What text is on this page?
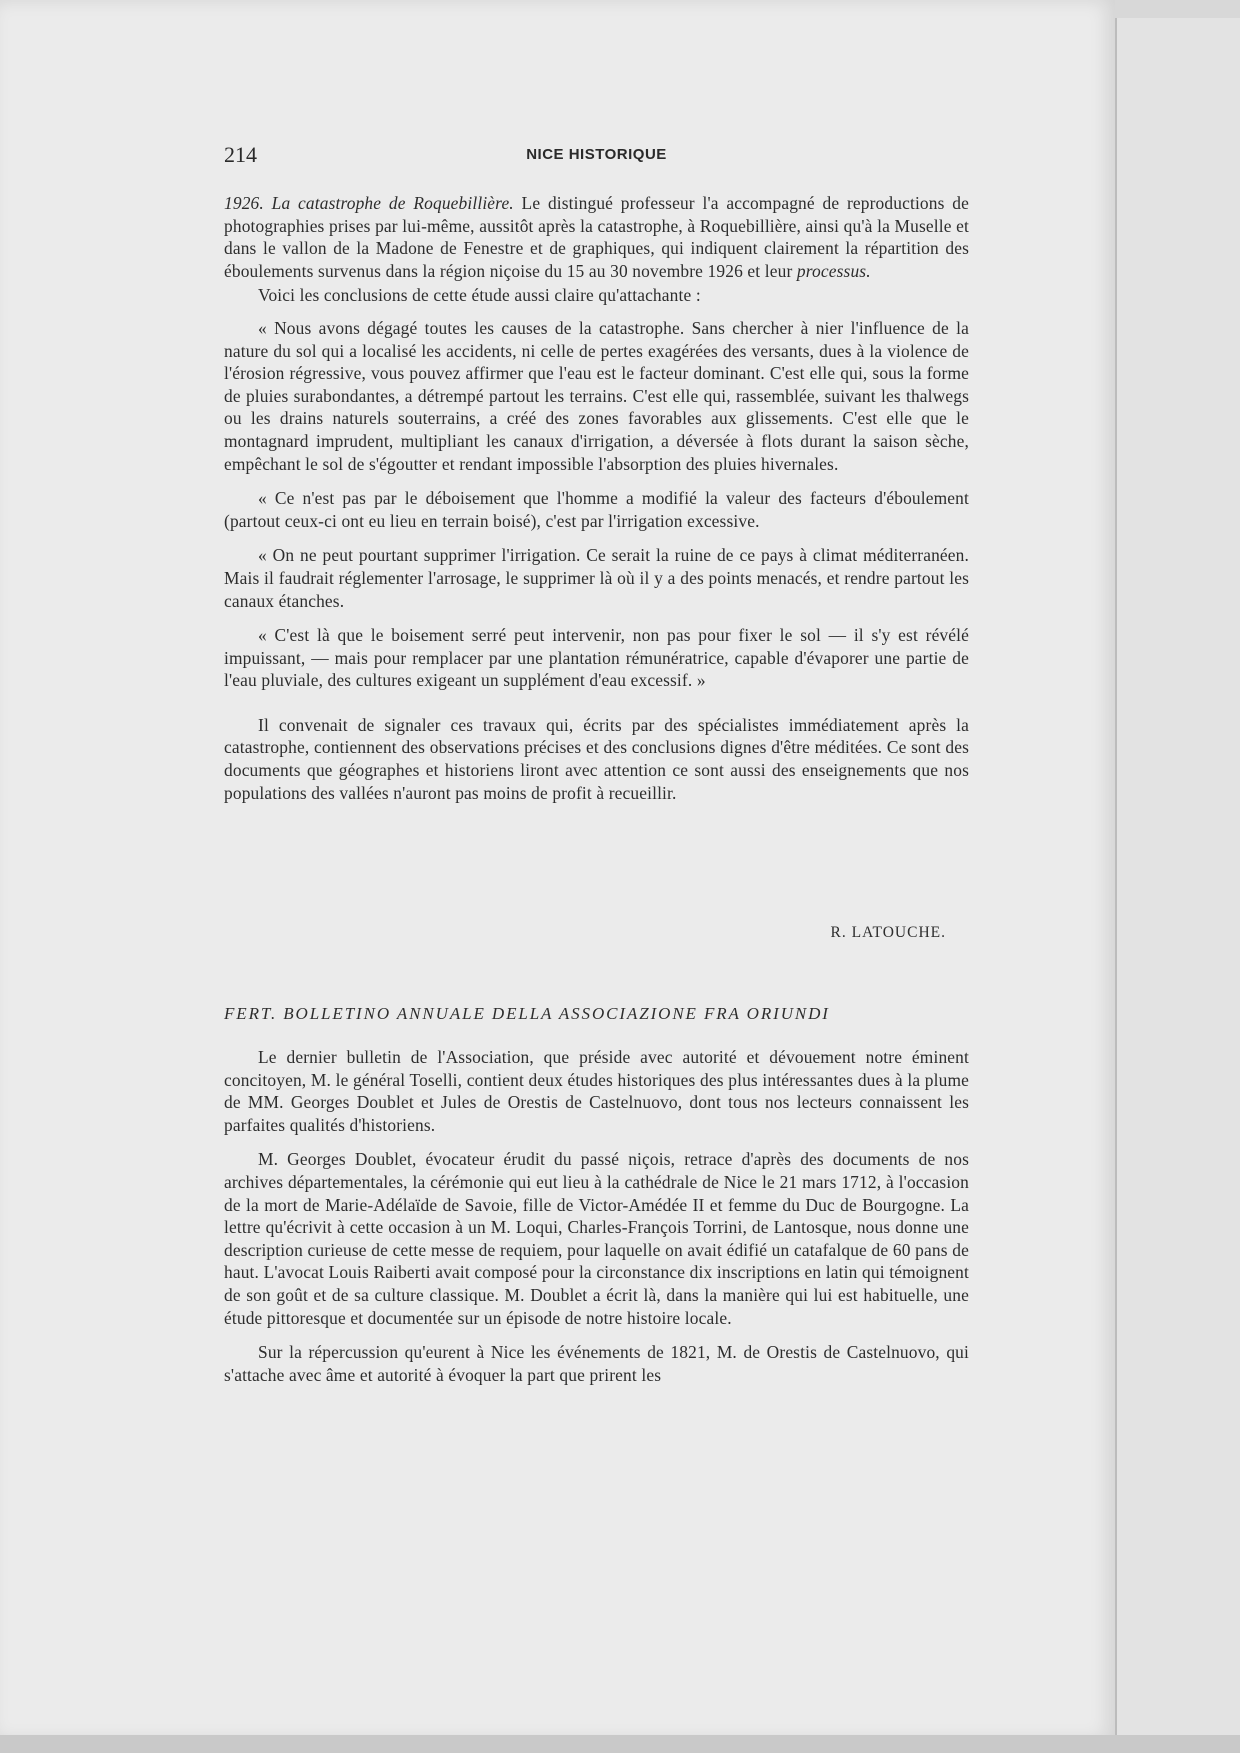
214	NICE HISTORIQUE

1926. La catastrophe de Roquebillière. Le distingué professeur l'a accompagné de reproductions de photographies prises par lui-même, aussitôt après la catastrophe, à Roquebillière, ainsi qu'à la Muselle et dans le vallon de la Madone de Fenestre et de graphiques, qui indiquent clairement la répartition des éboulements survenus dans la région niçoise du 15 au 30 novembre 1926 et leur processus.

Voici les conclusions de cette étude aussi claire qu'attachante :

« Nous avons dégagé toutes les causes de la catastrophe. Sans chercher à nier l'influence de la nature du sol qui a localisé les accidents, ni celle de pertes exagérées des versants, dues à la violence de l'érosion régressive, vous pouvez affirmer que l'eau est le facteur dominant. C'est elle qui, sous la forme de pluies surabondantes, a détrempé partout les terrains. C'est elle qui, rassemblée, suivant les thalwegs ou les drains naturels souterrains, a créé des zones favorables aux glissements. C'est elle que le montagnard imprudent, multipliant les canaux d'irrigation, a déversée à flots durant la saison sèche, empêchant le sol de s'égoutter et rendant impossible l'absorption des pluies hivernales.

« Ce n'est pas par le déboisement que l'homme a modifié la valeur des facteurs d'éboulement (partout ceux-ci ont eu lieu en terrain boisé), c'est par l'irrigation excessive.

« On ne peut pourtant supprimer l'irrigation. Ce serait la ruine de ce pays à climat méditerranéen. Mais il faudrait réglementer l'arrosage, le supprimer là où il y a des points menacés, et rendre partout les canaux étanches.

« C'est là que le boisement serré peut intervenir, non pas pour fixer le sol — il s'y est révélé impuissant, — mais pour remplacer par une plantation rémunératrice, capable d'évaporer une partie de l'eau pluviale, des cultures exigeant un supplément d'eau excessif. »

Il convenait de signaler ces travaux qui, écrits par des spécialistes immédiatement après la catastrophe, contiennent des observations précises et des conclusions dignes d'être méditées. Ce sont des documents que géographes et historiens liront avec attention ce sont aussi des enseignements que nos populations des vallées n'auront pas moins de profit à recueillir.

R. LATOUCHE.
FERT. BOLLETINO ANNUALE DELLA ASSOCIAZIONE FRA ORIUNDI

Le dernier bulletin de l'Association, que préside avec autorité et dévouement notre éminent concitoyen, M. le général Toselli, contient deux études historiques des plus intéressantes dues à la plume de MM. Georges Doublet et Jules de Orestis de Castelnuovo, dont tous nos lecteurs connaissent les parfaites qualités d'historiens.

M. Georges Doublet, évocateur érudit du passé niçois, retrace d'après des documents de nos archives départementales, la cérémonie qui eut lieu à la cathédrale de Nice le 21 mars 1712, à l'occasion de la mort de Marie-Adélaïde de Savoie, fille de Victor-Amédée II et femme du Duc de Bourgogne. La lettre qu'écrivit à cette occasion à un M. Loqui, Charles-François Torrini, de Lantosque, nous donne une description curieuse de cette messe de requiem, pour laquelle on avait édifié un catafalque de 60 pans de haut. L'avocat Louis Raiberti avait composé pour la circonstance dix inscriptions en latin qui témoignent de son goût et de sa culture classique. M. Doublet a écrit là, dans la manière qui lui est habituelle, une étude pittoresque et documentée sur un épisode de notre histoire locale.

Sur la répercussion qu'eurent à Nice les événements de 1821, M. de Orestis de Castelnuovo, qui s'attache avec âme et autorité à évoquer la part que prirent les
